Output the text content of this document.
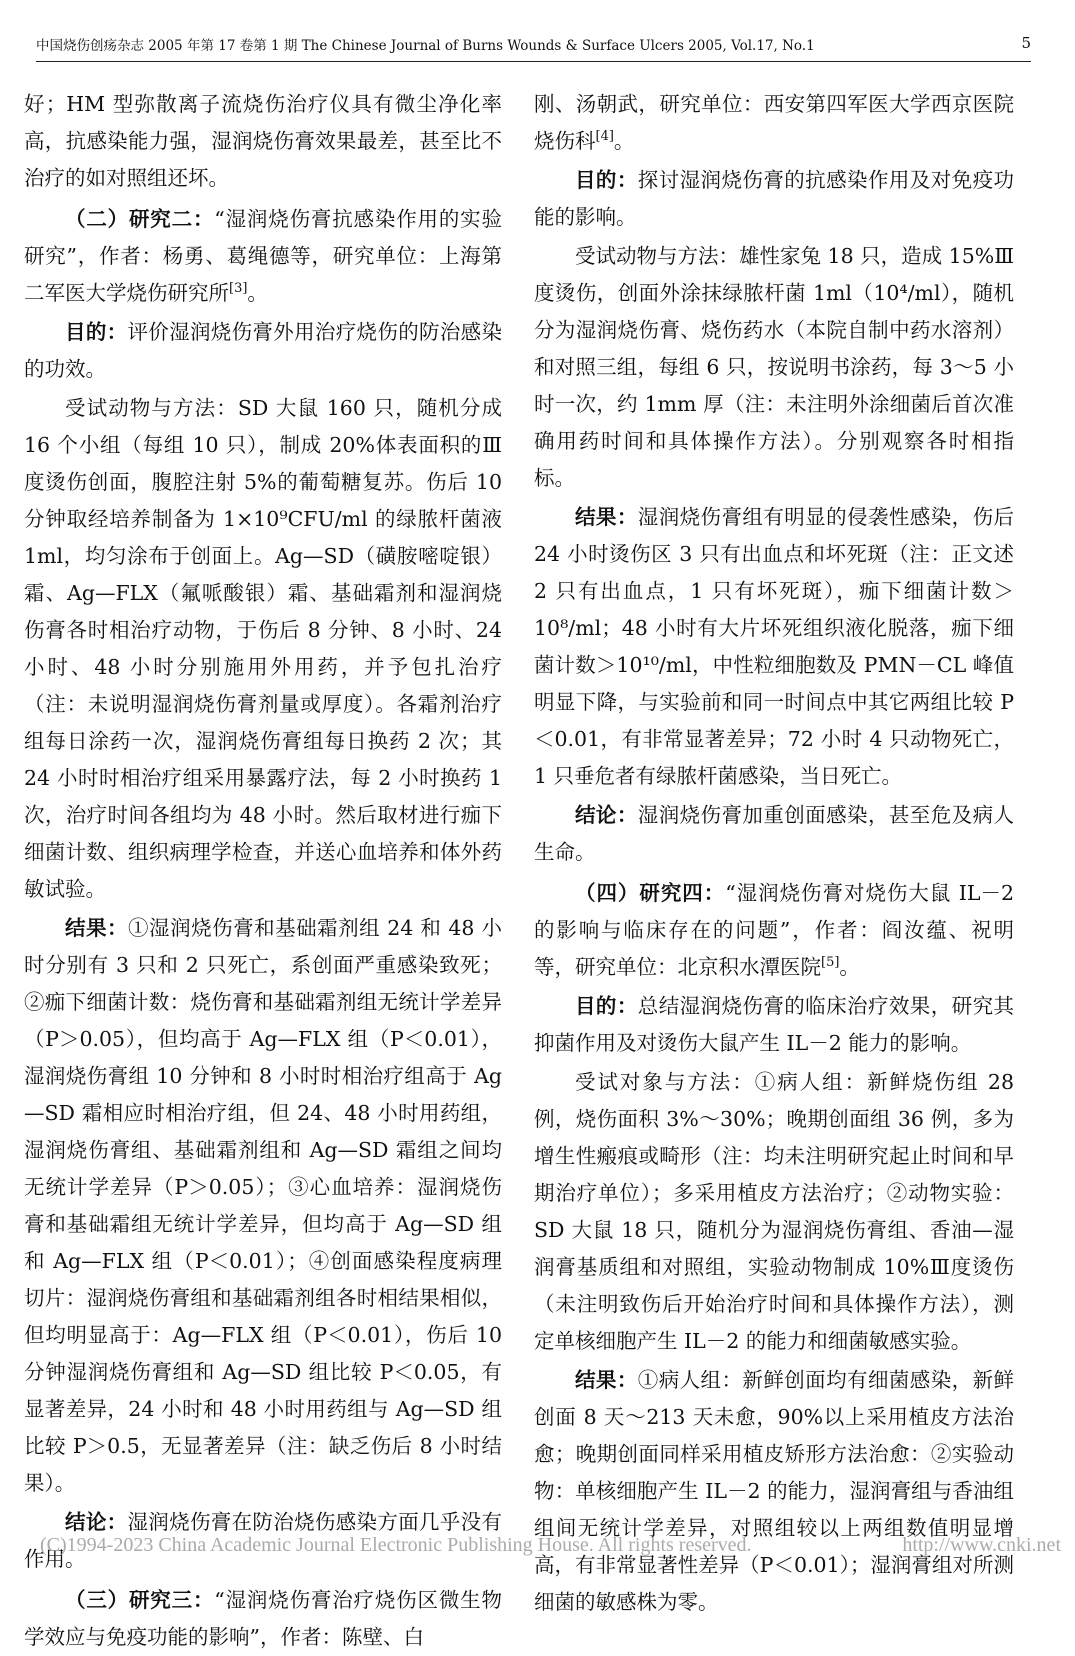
中国烧伤创疡杂志 2005 年第 17 卷第 1 期 The Chinese Journal of Burns Wounds & Surface Ulcers 2005, Vol.17, No.1	5

好；HM 型弥散离子流烧伤治疗仪具有微尘净化率高，抗感染能力强，湿润烧伤膏效果最差，甚至比不治疗的如对照组还坏。

（二）研究二：“湿润烧伤膏抗感染作用的实验研究”，作者：杨勇、葛绳德等，研究单位：上海第二军医大学烧伤研究所[3]。

目的：评价湿润烧伤膏外用治疗烧伤的防治感染的功效。

受试动物与方法：SD 大鼠 160 只，随机分成 16 个小组（每组 10 只），制成 20%体表面积的Ⅲ度烫伤创面，腹腔注射 5%的葡萄糖复苏。伤后 10 分钟取经培养制备为 1×10⁹CFU/ml 的绿脓杆菌液 1ml，均匀涂布于创面上。Ag—SD（磺胺嘧啶银）霜、Ag—FLX（氟哌酸银）霜、基础霜剂和湿润烧伤膏各时相治疗动物，于伤后 8 分钟、8 小时、24 小时、48 小时分别施用外用药，并予包扎治疗（注：未说明湿润烧伤膏剂量或厚度）。各霜剂治疗组每日涂药一次，湿润烧伤膏组每日换药 2 次；其 24 小时时相治疗组采用暴露疗法，每 2 小时换药 1 次，治疗时间各组均为 48 小时。然后取材进行痂下细菌计数、组织病理学检查，并送心血培养和体外药敏试验。

结果：①湿润烧伤膏和基础霜剂组 24 和 48 小时分别有 3 只和 2 只死亡，系创面严重感染致死；②痂下细菌计数：烧伤膏和基础霜剂组无统计学差异（P＞0.05），但均高于 Ag—FLX 组（P＜0.01），湿润烧伤膏组 10 分钟和 8 小时时相治疗组高于 Ag—SD 霜相应时相治疗组，但 24、48 小时用药组，湿润烧伤膏组、基础霜剂组和 Ag—SD 霜组之间均无统计学差异（P＞0.05）；③心血培养：湿润烧伤膏和基础霜组无统计学差异，但均高于 Ag—SD 组和 Ag—FLX 组（P＜0.01）；④创面感染程度病理切片：湿润烧伤膏组和基础霜剂组各时相结果相似，但均明显高于：Ag—FLX 组（P＜0.01），伤后 10 分钟湿润烧伤膏组和 Ag—SD 组比较 P＜0.05，有显著差异，24 小时和 48 小时用药组与 Ag—SD 组比较 P＞0.5，无显著差异（注：缺乏伤后 8 小时结果）。

结论：湿润烧伤膏在防治烧伤感染方面几乎没有作用。

（三）研究三：“湿润烧伤膏治疗烧伤区微生物学效应与免疫功能的影响”，作者：陈壁、白

刚、汤朝武，研究单位：西安第四军医大学西京医院烧伤科[4]。

目的：探讨湿润烧伤膏的抗感染作用及对免疫功能的影响。

受试动物与方法：雄性家兔 18 只，造成 15%Ⅲ度烫伤，创面外涂抹绿脓杆菌 1ml（10⁴/ml），随机分为湿润烧伤膏、烧伤药水（本院自制中药水溶剂）和对照三组，每组 6 只，按说明书涂药，每 3～5 小时一次，约 1mm 厚（注：未注明外涂细菌后首次准确用药时间和具体操作方法）。分别观察各时相指标。

结果：湿润烧伤膏组有明显的侵袭性感染，伤后 24 小时烫伤区 3 只有出血点和坏死斑（注：正文述 2 只有出血点，1 只有坏死斑），痂下细菌计数＞10⁸/ml；48 小时有大片坏死组织液化脱落，痂下细菌计数＞10¹⁰/ml，中性粒细胞数及 PMN－CL 峰值明显下降，与实验前和同一时间点中其它两组比较 P＜0.01，有非常显著差异；72 小时 4 只动物死亡，1 只垂危者有绿脓杆菌感染，当日死亡。

结论：湿润烧伤膏加重创面感染，甚至危及病人生命。

（四）研究四：“湿润烧伤膏对烧伤大鼠 IL－2 的影响与临床存在的问题”，作者：阎汝蕴、祝明等，研究单位：北京积水潭医院[5]。

目的：总结湿润烧伤膏的临床治疗效果，研究其抑菌作用及对烫伤大鼠产生 IL－2 能力的影响。

受试对象与方法：①病人组：新鲜烧伤组 28 例，烧伤面积 3%～30%；晚期创面组 36 例，多为增生性瘢痕或畸形（注：均未注明研究起止时间和早期治疗单位）；多采用植皮方法治疗；②动物实验：SD 大鼠 18 只，随机分为湿润烧伤膏组、香油—湿润膏基质组和对照组，实验动物制成 10%Ⅲ度烫伤（未注明致伤后开始治疗时间和具体操作方法），测定单核细胞产生 IL－2 的能力和细菌敏感实验。

结果：①病人组：新鲜创面均有细菌感染，新鲜创面 8 天～213 天未愈，90%以上采用植皮方法治愈；晚期创面同样采用植皮矫形方法治愈：②实验动物：单核细胞产生 IL－2 的能力，湿润膏组与香油组组间无统计学差异，对照组较以上两组数值明显增高，有非常显著性差异（P＜0.01）；湿润膏组对所测细菌的敏感株为零。

(C)1994-2023 China Academic Journal Electronic Publishing House. All rights reserved.	http://www.cnki.net
